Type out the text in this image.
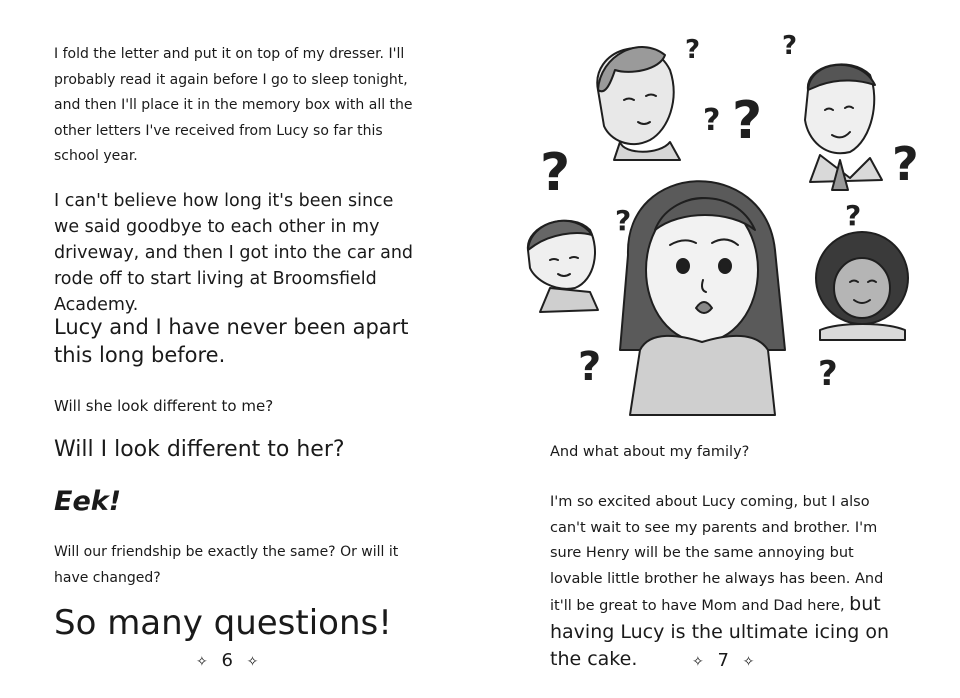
I fold the letter and put it on top of my dresser. I'll probably read it again before I go to sleep tonight, and then I'll place it in the memory box with all the other letters I've received from Lucy so far this school year.

I can't believe how long it's been since we said goodbye to each other in my driveway, and then I got into the car and rode off to start living at Broomsfield Academy.

Lucy and I have never been apart this long before.

Will she look different to me?

Will I look different to her?

Eek!

Will our friendship be exactly the same? Or will it have changed?

So many questions!

✧ 6 ✧
?	?
? ?
?
?
?
?
?	?

And what about my family?

I'm so excited about Lucy coming, but I also can't wait to see my parents and brother. I'm sure Henry will be the same annoying but lovable little brother he always has been. And it'll be great to have Mom and Dad here, but having Lucy is the ultimate icing on the cake.	✧ 7 ✧
